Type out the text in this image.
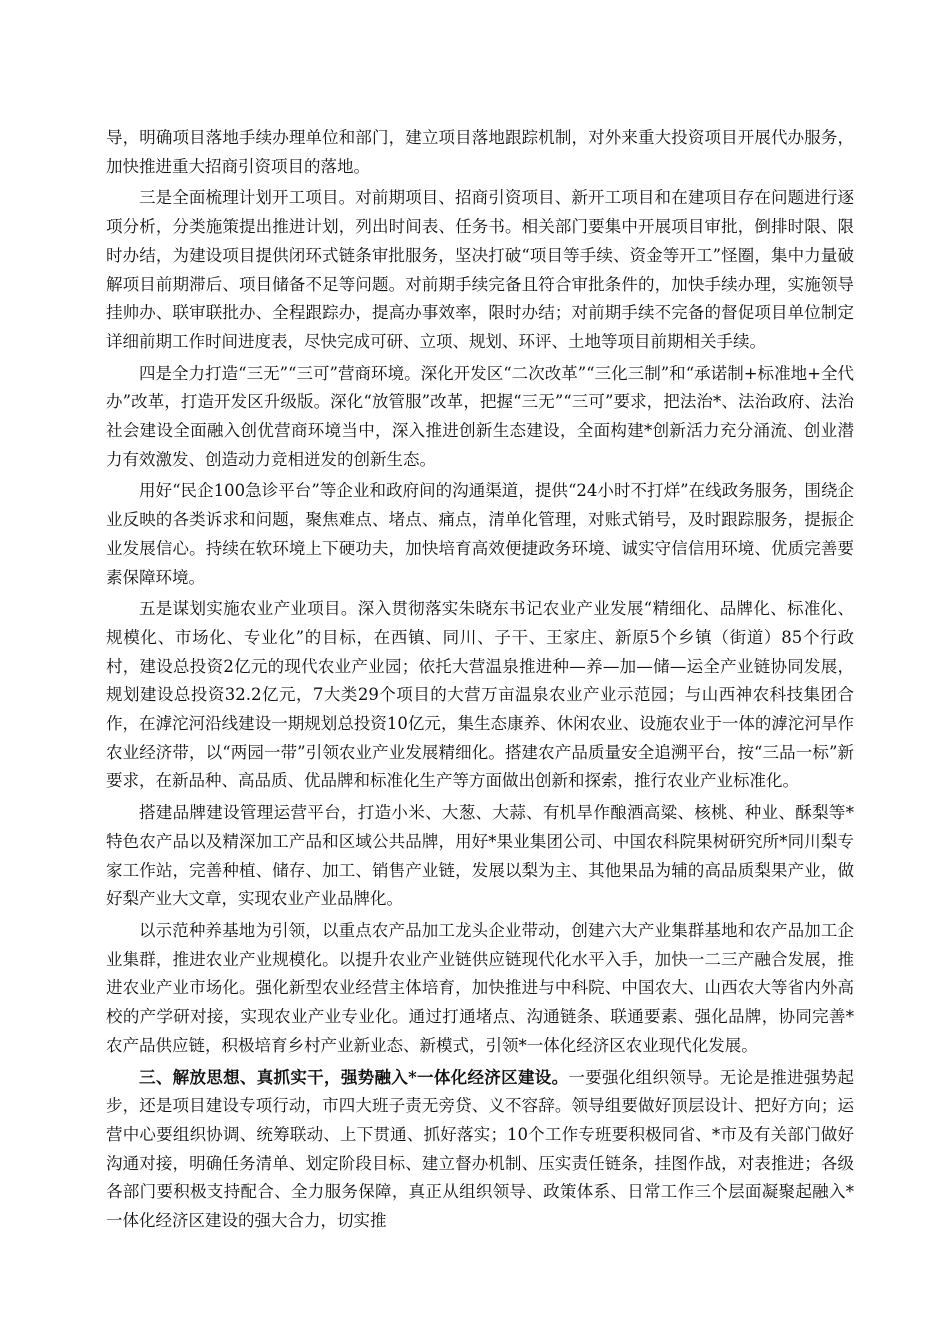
导，明确项目落地手续办理单位和部门，建立项目落地跟踪机制，对外来重大投资项目开展代办服务，加快推进重大招商引资项目的落地。

三是全面梳理计划开工项目。对前期项目、招商引资项目、新开工项目和在建项目存在问题进行逐项分析，分类施策提出推进计划，列出时间表、任务书。相关部门要集中开展项目审批，倒排时限、限时办结，为建设项目提供闭环式链条审批服务，坚决打破“项目等手续、资金等开工”怪圈，集中力量破解项目前期滞后、项目储备不足等问题。对前期手续完备且符合审批条件的，加快手续办理，实施领导挂帅办、联审联批办、全程跟踪办，提高办事效率，限时办结；对前期手续不完备的督促项目单位制定详细前期工作时间进度表，尽快完成可研、立项、规划、环评、土地等项目前期相关手续。

四是全力打造“三无”“三可”营商环境。深化开发区“二次改革”“三化三制”和“承诺制+标准地+全代办”改革，打造开发区升级版。深化“放管服”改革，把握“三无”“三可”要求，把法治*、法治政府、法治社会建设全面融入创优营商环境当中，深入推进创新生态建设，全面构建*创新活力充分涌流、创业潜力有效激发、创造动力竞相迸发的创新生态。

用好“民企100急诊平台”等企业和政府间的沟通渠道，提供“24小时不打烊”在线政务服务，围绕企业反映的各类诉求和问题，聚焦难点、堵点、痛点，清单化管理，对账式销号，及时跟踪服务，提振企业发展信心。持续在软环境上下硬功夫，加快培育高效便捷政务环境、诚实守信信用环境、优质完善要素保障环境。

五是谋划实施农业产业项目。深入贯彻落实朱晓东书记农业产业发展“精细化、品牌化、标准化、规模化、市场化、专业化”的目标，在西镇、同川、子干、王家庄、新原5个乡镇（街道）85个行政村，建设总投资2亿元的现代农业产业园；依托大营温泉推进种—养—加—储—运全产业链协同发展，规划建设总投资32.2亿元，7大类29个项目的大营万亩温泉农业产业示范园；与山西神农科技集团合作，在滹沱河沿线建设一期规划总投资10亿元，集生态康养、休闲农业、设施农业于一体的滹沱河旱作农业经济带，以“两园一带”引领农业产业发展精细化。搭建农产品质量安全追溯平台，按“三品一标”新要求，在新品种、高品质、优品牌和标准化生产等方面做出创新和探索，推行农业产业标准化。

搭建品牌建设管理运营平台，打造小米、大葱、大蒜、有机旱作酿酒高粱、核桃、种业、酥梨等*特色农产品以及精深加工产品和区域公共品牌，用好*果业集团公司、中国农科院果树研究所*同川梨专家工作站，完善种植、储存、加工、销售产业链，发展以梨为主、其他果品为辅的高品质梨果产业，做好梨产业大文章，实现农业产业品牌化。

以示范种养基地为引领，以重点农产品加工龙头企业带动，创建六大产业集群基地和农产品加工企业集群，推进农业产业规模化。以提升农业产业链供应链现代化水平入手，加快一二三产融合发展，推进农业产业市场化。强化新型农业经营主体培育，加快推进与中科院、中国农大、山西农大等省内外高校的产学研对接，实现农业产业专业化。通过打通堵点、沟通链条、联通要素、强化品牌，协同完善*农产品供应链，积极培育乡村产业新业态、新模式，引领*一体化经济区农业现代化发展。

三、解放思想、真抓实干，强势融入*一体化经济区建设。一要强化组织领导。无论是推进强势起步，还是项目建设专项行动，市四大班子责无旁贷、义不容辞。领导组要做好顶层设计、把好方向；运营中心要组织协调、统筹联动、上下贯通、抓好落实；10个工作专班要积极同省、*市及有关部门做好沟通对接，明确任务清单、划定阶段目标、建立督办机制、压实责任链条，挂图作战，对表推进；各级各部门要积极支持配合、全力服务保障，真正从组织领导、政策体系、日常工作三个层面凝聚起融入*一体化经济区建设的强大合力，切实推
